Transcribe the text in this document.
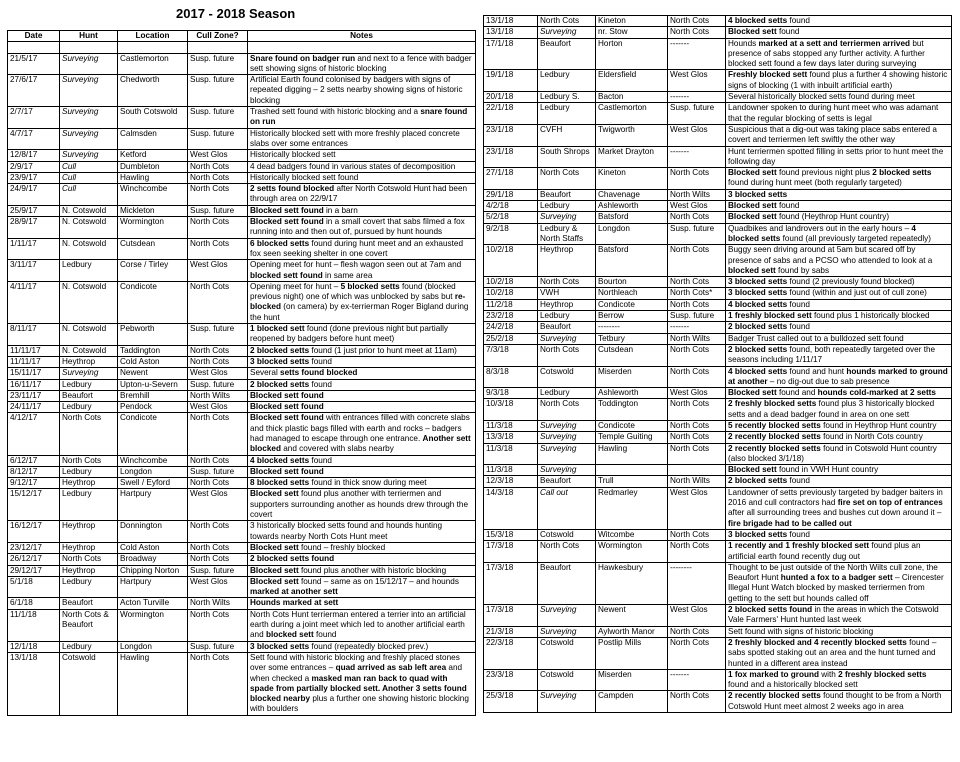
2017 - 2018 Season
Date	Hunt	Location	Cull Zone?	Notes

21/5/17	Surveying	Castlemorton	Susp. future	Snare found on badger run and next to a fence with badger sett showing signs of historic blocking
27/6/17	Surveying	Chedworth	Susp. future	Artificial Earth found colonised by badgers with signs of repeated digging – 2 setts nearby showing signs of historic blocking
2/7/17	Surveying	South Cotswold	Susp. future	Trashed sett found with historic blocking and a snare found on run
4/7/17	Surveying	Calmsden	Susp. future	Historically blocked sett with more freshly placed concrete slabs over some entrances
12/8/17	Surveying	Ketford	West Glos	Historically blocked sett
2/9/17	Cull	Dumbleton	North Cots	4 dead badgers found in various states of decomposition
23/9/17	Cull	Hawling	North Cots	Historically blocked sett found
24/9/17	Cull	Winchcombe	North Cots	2 setts found blocked after North Cotswold Hunt had been through area on 22/9/17
25/9/17	N. Cotswold	Mickleton	Susp. future	Blocked sett found in a barn
28/9/17	N. Cotswold	Wormington	North Cots	Blocked sett found in a small covert that sabs filmed a fox running into and then out of, pursued by hunt hounds
1/11/17	N. Cotswold	Cutsdean	North Cots	6 blocked setts found during hunt meet and an exhausted fox seen seeking shelter in one covert
3/11/17	Ledbury	Corse / Tirley	West Glos	Opening meet for hunt – flesh wagon seen out at 7am and blocked sett found in same area
4/11/17	N. Cotswold	Condicote	North Cots	Opening meet for hunt – 5 blocked setts found (blocked previous night) one of which was unblocked by sabs but re-blocked (on camera) by ex-terrierman Roger Bigland during the hunt
8/11/17	N. Cotswold	Pebworth	Susp. future	1 blocked sett found (done previous night but partially reopened by badgers before hunt meet)
11/11/17	N. Cotswold	Taddington	North Cots	2 blocked setts found (1 just prior to hunt meet at 11am)
11/11/17	Heythrop	Cold Aston	North Cots	3 blocked setts found
15/11/17	Surveying	Newent	West Glos	Several setts found blocked
16/11/17	Ledbury	Upton-u-Severn	Susp. future	2 blocked setts found
23/11/17	Beaufort	Bremhill	North Wilts	Blocked sett found
24/11/17	Ledbury	Pendock	West Glos	Blocked sett found
4/12/17	North Cots	Condicote	North Cots	Blocked sett found with entrances filled with concrete slabs and thick plastic bags filled with earth and rocks – badgers had managed to escape through one entrance. Another sett blocked and covered with slabs nearby
6/12/17	North Cots	Winchcombe	North Cots	4 blocked setts found
8/12/17	Ledbury	Longdon	Susp. future	Blocked sett found
9/12/17	Heythrop	Swell / Eyford	North Cots	8 blocked setts found in thick snow during meet
15/12/17	Ledbury	Hartpury	West Glos	Blocked sett found plus another with terriermen and supporters surrounding another as hounds drew through the covert
16/12/17	Heythrop	Donnington	North Cots	3 historically blocked setts found and hounds hunting towards nearby North Cots Hunt meet
23/12/17	Heythrop	Cold Aston	North Cots	Blocked sett found – freshly blocked
26/12/17	North Cots	Broadway	North Cots	2 blocked setts found
29/12/17	Heythrop	Chipping Norton	Susp. future	Blocked sett found plus another with historic blocking
5/1/18	Ledbury	Hartpury	West Glos	Blocked sett found – same as on 15/12/17 – and hounds marked at another sett
6/1/18	Beaufort	Acton Turville	North Wilts	Hounds marked at sett
11/1/18	North Cots & Beaufort	Wormington	North Cots	North Cots Hunt terrierman entered a terrier into an artificial earth during a joint meet which led to another artificial earth and blocked sett found
12/1/18	Ledbury	Longdon	Susp. future	3 blocked setts found (repeatedly blocked prev.)
13/1/18	Cotswold	Hawling	North Cots	Sett found with historic blocking and freshly placed stones over some entrances – quad arrived as sab left area and when checked a masked man ran back to quad with spade from partially blocked sett. Another 3 setts found blocked nearby plus a further one showing historic blocking with boulders
13/1/18	North Cots	Kineton	North Cots	4 blocked setts found
13/1/18	Surveying	nr. Stow	North Cots	Blocked sett found
17/1/18	Beaufort	Horton	-------	Hounds marked at a sett and terriermen arrived but presence of sabs stopped any further activity. A further blocked sett found a few days later during surveying
19/1/18	Ledbury	Eldersfield	West Glos	Freshly blocked sett found plus a further 4 showing historic signs of blocking (1 with inbuilt artificial earth)
20/1/18	Ledbury S.	Bacton	-------	Several historically blocked setts found during meet
22/1/18	Ledbury	Castlemorton	Susp. future	Landowner spoken to during hunt meet who was adamant that the regular blocking of setts is legal
23/1/18	CVFH	Twigworth	West Glos	Suspicious that a dig-out was taking place sabs entered a covert and terriermen left swiftly the other way
23/1/18	South Shrops	Market Drayton	-------	Hunt terriermen spotted filling in setts prior to hunt meet the following day
27/1/18	North Cots	Kineton	North Cots	Blocked sett found previous night plus 2 blocked setts found during hunt meet (both regularly targeted)
29/1/18	Beaufort	Chavenage	North Wilts	3 blocked setts
4/2/18	Ledbury	Ashleworth	West Glos	Blocked sett found
5/2/18	Surveying	Batsford	North Cots	Blocked sett found (Heythrop Hunt country)
9/2/18	Ledbury & North Staffs	Longdon	Susp. future	Quadbikes and landrovers out in the early hours – 4 blocked setts found (all previously targeted repeatedly)
10/2/18	Heythrop	Batsford	North Cots	Buggy seen driving around at 5am but scared off by presence of sabs and a PCSO who attended to look at a blocked sett found by sabs
10/2/18	North Cots	Bourton	North Cots	3 blocked setts found (2 previously found blocked)
10/2/18	VWH	Northleach	North Cots*	3 blocked setts found (within and just out of cull zone)
11/2/18	Heythrop	Condicote	North Cots	4 blocked setts found
23/2/18	Ledbury	Berrow	Susp. future	1 freshly blocked sett found plus 1 historically blocked
24/2/18	Beaufort	--------	-------	2 blocked setts found
25/2/18	Surveying	Tetbury	North Wilts	Badger Trust called out to a bulldozed sett found
7/3/18	North Cots	Cutsdean	North Cots	2 blocked setts found, both repeatedly targeted over the seasons including 1/11/17
8/3/18	Cotswold	Miserden	North Cots	4 blocked setts found and hunt hounds marked to ground at another – no dig-out due to sab presence
9/3/18	Ledbury	Ashleworth	West Glos	Blocked sett found and hounds cold-marked at 2 setts
10/3/18	North Cots	Toddington	North Cots	2 freshly blocked setts found plus 3 historically blocked setts and a dead badger found in area on one sett
11/3/18	Surveying	Condicote	North Cots	5 recently blocked setts found in Heythrop Hunt country
13/3/18	Surveying	Temple Guiting	North Cots	2 recently blocked setts found in North Cots country
11/3/18	Surveying	Hawling	North Cots	2 recently blocked setts found in Cotswold Hunt country (also blocked 3/1/18)
11/3/18	Surveying			Blocked sett found in VWH Hunt country
12/3/18	Beaufort	Trull	North Wilts	2 blocked setts found
14/3/18	Call out	Redmarley	West Glos	Landowner of setts previously targeted by badger baiters in 2016 and cull contractors had fire set on top of entrances after all surrounding trees and bushes cut down around it – fire brigade had to be called out
15/3/18	Cotswold	Witcombe	North Cots	3 blocked setts found
17/3/18	North Cots	Wormington	North Cots	1 recently and 1 freshly blocked sett found plus an artificial earth found recently dug out
17/3/18	Beaufort	Hawkesbury	--------	Thought to be just outside of the North Wilts cull zone, the Beaufort Hunt hunted a fox to a badger sett – Cirencester Illegal Hunt Watch blocked by masked terriermen from getting to the sett but hounds called off
17/3/18	Surveying	Newent	West Glos	2 blocked setts found in the areas in which the Cotswold Vale Farmers' Hunt hunted last week
21/3/18	Surveying	Aylworth Manor	North Cots	Sett found with signs of historic blocking
22/3/18	Cotswold	Postlip Mills	North Cots	2 freshly blocked and 4 recently blocked setts found – sabs spotted staking out an area and the hunt turned and hunted in a different area instead
23/3/18	Cotswold	Miserden	-------	1 fox marked to ground with 2 freshly blocked setts found and a historically blocked sett
25/3/18	Surveying	Campden	North Cots	2 recently blocked setts found thought to be from a North Cotswold Hunt meet almost 2 weeks ago in area
